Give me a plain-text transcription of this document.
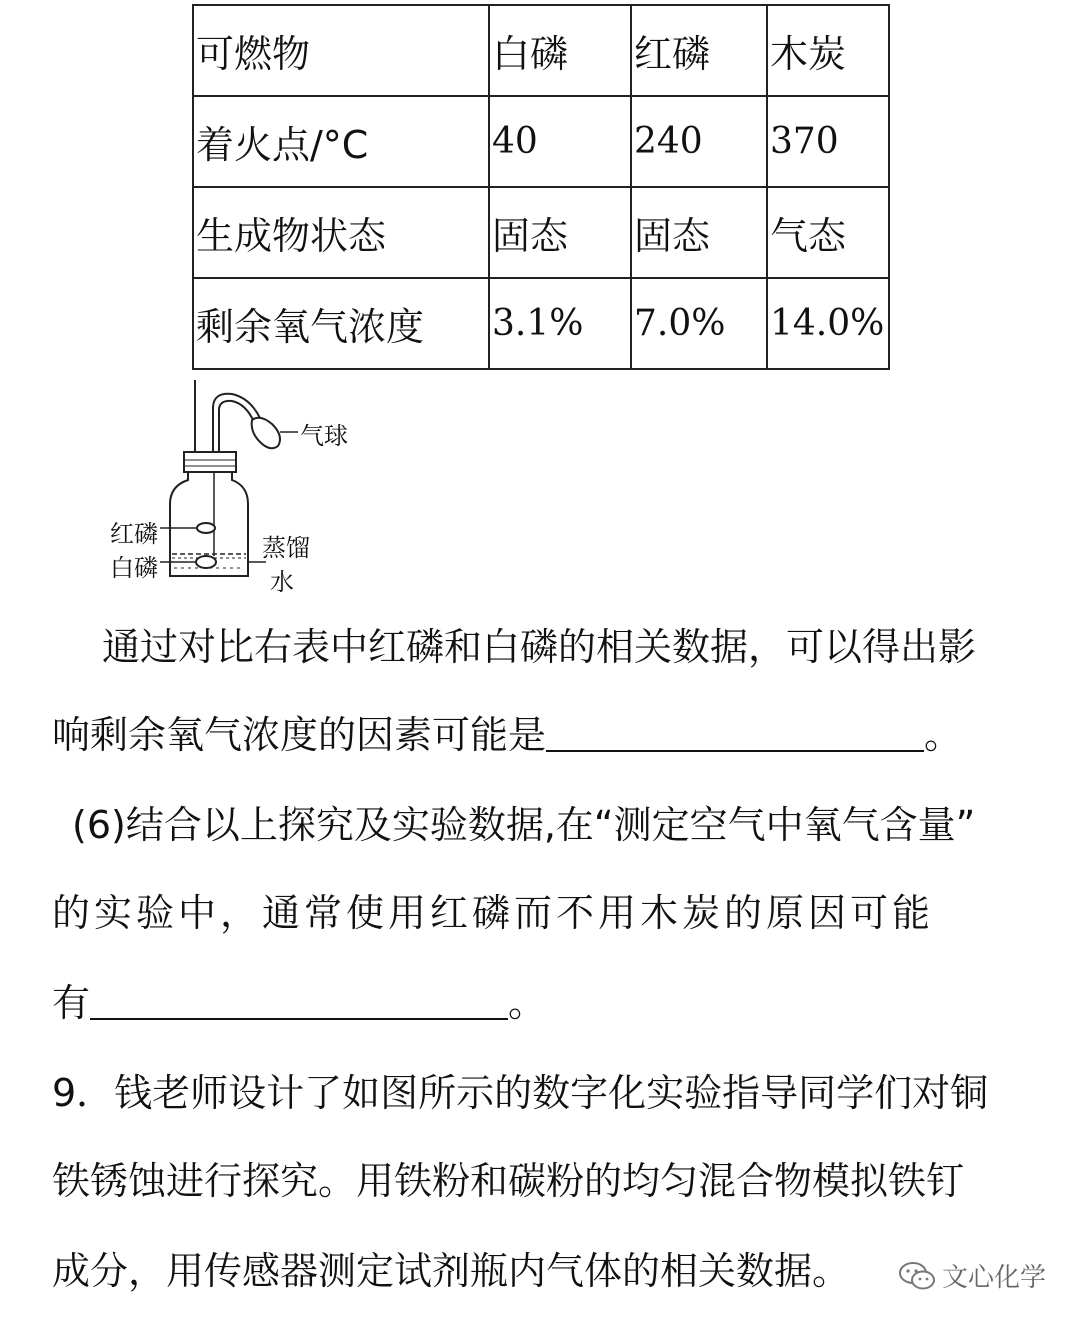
可燃物	白磷	红磷	木炭
着火点/°C	40	240	370
生成物状态	固态	固态	气态
剩余氧气浓度	3.1%	7.0%	14.0%
气球
红磷
白磷
蒸馏
水
通过对比右表中红磷和白磷的相关数据，可以得出影
响剩余氧气浓度的因素可能是	。
(6)结合以上探究及实验数据,在“测定空气中氧气含量”
的实验中，通常使用红磷而不用木炭的原因可能
有	。
9．钱老师设计了如图所示的数字化实验指导同学们对铜
铁锈蚀进行探究。用铁粉和碳粉的均匀混合物模拟铁钉
成分，用传感器测定试剂瓶内气体的相关数据。	文心化学
